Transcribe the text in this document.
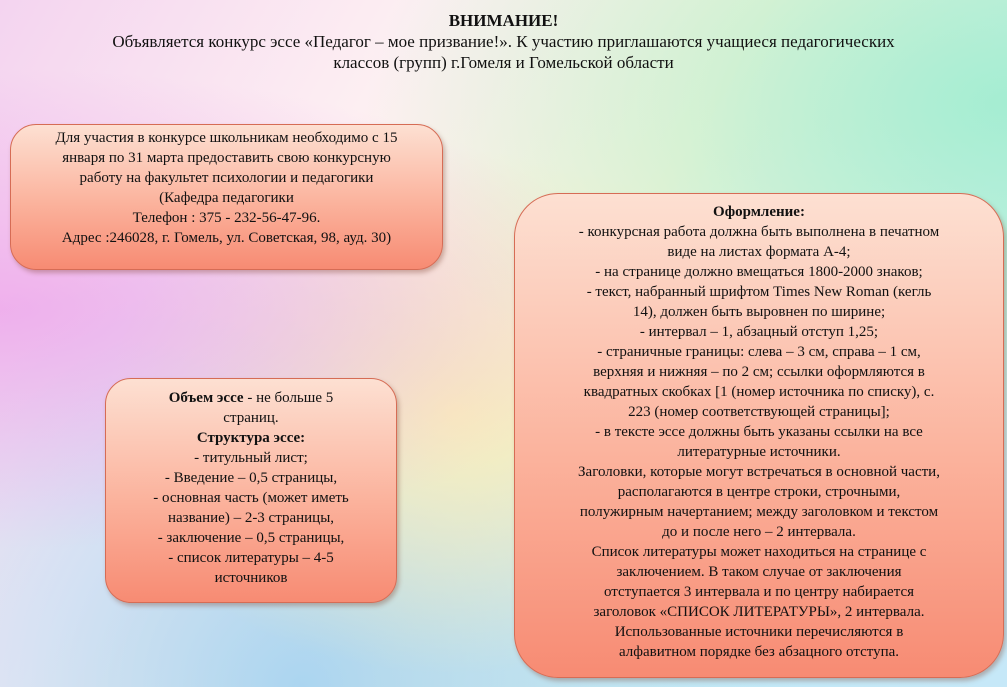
ВНИМАНИЕ!
Объявляется конкурс эссе «Педагог – мое призвание!». К участию приглашаются учащиеся педагогических
классов (групп) г.Гомеля и Гомельской области
Для участия в конкурсе школьникам необходимо с 15
января по 31 марта предоставить свою конкурсную
работу на факультет психологии и педагогики
(Кафедра педагогики
Телефон : 375 - 232-56-47-96.
Адрес :246028, г. Гомель, ул. Советская, 98, ауд. 30)
Объем эссе - не больше 5
страниц.
Структура эссе:
- титульный лист;
- Введение – 0,5 страницы,
- основная часть (может иметь
название) – 2-3 страницы,
- заключение – 0,5 страницы,
- список литературы – 4-5
источников
Оформление:
- конкурсная работа должна быть выполнена в печатном
виде на листах формата А-4;
- на странице должно вмещаться 1800-2000 знаков;
- текст, набранный шрифтом Times New Roman (кегль
14), должен быть выровнен по ширине;
- интервал – 1, абзацный отступ 1,25;
- страничные границы: слева – 3 см, справа – 1 см,
верхняя и нижняя – по 2 см; ссылки оформляются в
квадратных скобках [1 (номер источника по списку), с.
223 (номер соответствующей страницы];
- в тексте эссе должны быть указаны ссылки на все
литературные источники.
Заголовки, которые могут встречаться в основной части,
располагаются в центре строки, строчными,
полужирным начертанием; между заголовком и текстом
до и после него – 2 интервала.
Список литературы может находиться на странице с
заключением. В таком случае от заключения
отступается 3 интервала и по центру набирается
заголовок «СПИСОК ЛИТЕРАТУРЫ», 2 интервала.
Использованные источники перечисляются в
алфавитном порядке без абзацного отступа.
